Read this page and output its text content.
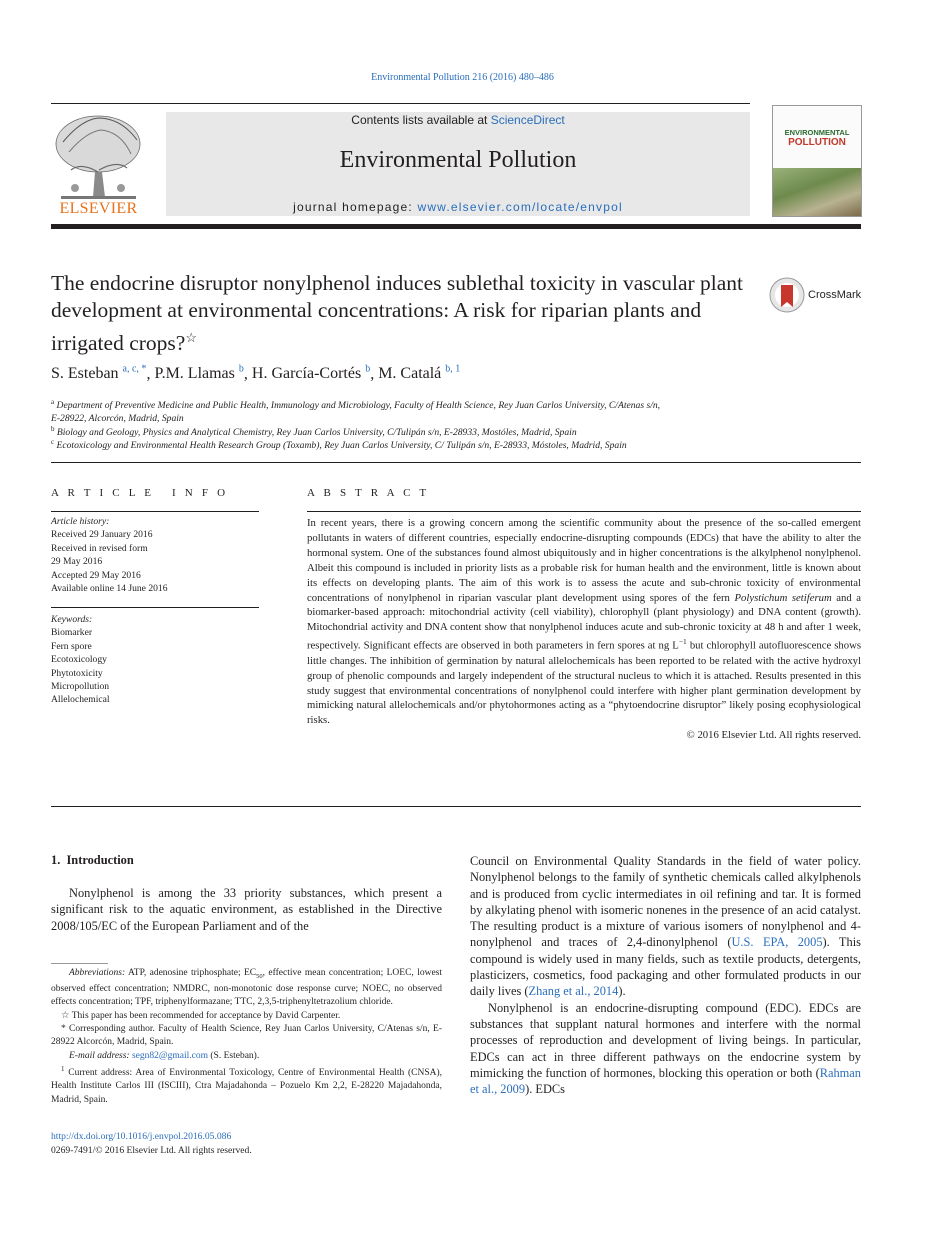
Environmental Pollution 216 (2016) 480–486
ELSEVIER
Contents lists available at ScienceDirect
Environmental Pollution
journal homepage: www.elsevier.com/locate/envpol
ENVIRONMENTAL
POLLUTION
The endocrine disruptor nonylphenol induces sublethal toxicity in vascular plant development at environmental concentrations: A risk for riparian plants and irrigated crops?☆
CrossMark
S. Esteban $^{a, c, *}$, P.M. Llamas $^b$, H. García-Cortés $^b$, M. Catalá $^{b, 1}$
$^a$ Department of Preventive Medicine and Public Health, Immunology and Microbiology, Faculty of Health Science, Rey Juan Carlos University, C/Atenas s/n,
E-28922, Alcorcón, Madrid, Spain
$^b$ Biology and Geology, Physics and Analytical Chemistry, Rey Juan Carlos University, C/Tulipán s/n, E-28933, Mostóles, Madrid, Spain
$^c$ Ecotoxicology and Environmental Health Research Group (Toxamb), Rey Juan Carlos University, C/ Tulipán s/n, E-28933, Móstoles, Madrid, Spain
A R T I C L E   I N F O
Article history:
Received 29 January 2016
Received in revised form
29 May 2016
Accepted 29 May 2016
Available online 14 June 2016
Keywords:
Biomarker
Fern spore
Ecotoxicology
Phytotoxicity
Micropollution
Allelochemical
A B S T R A C T
In recent years, there is a growing concern among the scientific community about the presence of the so-called emergent pollutants in waters of different countries, especially endocrine-disrupting compounds (EDCs) that have the ability to alter the hormonal system. One of the substances found almost ubiquitously and in higher concentrations is the alkylphenol nonylphenol. Albeit this compound is included in priority lists as a probable risk for human health and the environment, little is known about its effects on developing plants. The aim of this work is to assess the acute and sub-chronic toxicity of environmental concentrations of nonylphenol in riparian vascular plant development using spores of the fern Polystichum setiferum and a biomarker-based approach: mitochondrial activity (cell viability), chlorophyll (plant physiology) and DNA content (growth). Mitochondrial activity and DNA content show that nonylphenol induces acute and sub-chronic toxicity at 48 h and after 1 week, respectively. Significant effects are observed in both parameters in fern spores at ng $L^{-1}$ but chlorophyll autofluorescence shows little changes. The inhibition of germination by natural allelochemicals has been reported to be related with the active hydroxyl group of phenolic compounds and largely independent of the structural nucleus to which it is attached. Results presented in this study suggest that environmental concentrations of nonylphenol could interfere with higher plant germination development by mimicking natural allelochemicals and/or phytohormones acting as a “phytoendocrine disruptor” likely posing ecophysiological risks.
© 2016 Elsevier Ltd. All rights reserved.
1.  Introduction

Nonylphenol is among the 33 priority substances, which present a significant risk to the aquatic environment, as established in the Directive 2008/105/EC of the European Parliament and of the

Abbreviations: ATP, adenosine triphosphate; $EC_{50}$, effective mean concentration; LOEC, lowest observed effect concentration; NMDRC, non-monotonic dose response curve; NOEC, no observed effects concentration; TPF, triphenylformazane; TTC, 2,3,5-triphenyltetrazolium chloride.

☆ This paper has been recommended for acceptance by David Carpenter.

* Corresponding author. Faculty of Health Science, Rey Juan Carlos University, C/Atenas s/n, E-28922 Alcorcón, Madrid, Spain.

E-mail address: segn82@gmail.com (S. Esteban).

$^1$ Current address: Area of Environmental Toxicology, Centre of Environmental Health (CNSA), Health Institute Carlos III (ISCIII), Ctra Majadahonda – Pozuelo Km 2,2, E-28220 Majadahonda, Madrid, Spain.

http://dx.doi.org/10.1016/j.envpol.2016.05.086
0269-7491/© 2016 Elsevier Ltd. All rights reserved.

Council on Environmental Quality Standards in the field of water policy. Nonylphenol belongs to the family of synthetic chemicals called alkylphenols and is produced from cyclic intermediates in oil refining and tar. It is formed by alkylating phenol with isomeric nonenes in the presence of an acid catalyst. The resulting product is a mixture of various isomers of nonylphenol and 4-nonylphenol and traces of 2,4-dinonylphenol (U.S. EPA, 2005). This compound is widely used in many fields, such as textile products, detergents, plasticizers, cosmetics, food packaging and other formulated products in our daily lives (Zhang et al., 2014).

Nonylphenol is an endocrine-disrupting compound (EDC). EDCs are substances that supplant natural hormones and interfere with the normal processes of reproduction and development of living beings. In particular, EDCs can act in three different pathways on the endocrine system by mimicking the function of hormones, blocking this operation or both (Rahman et al., 2009). EDCs
